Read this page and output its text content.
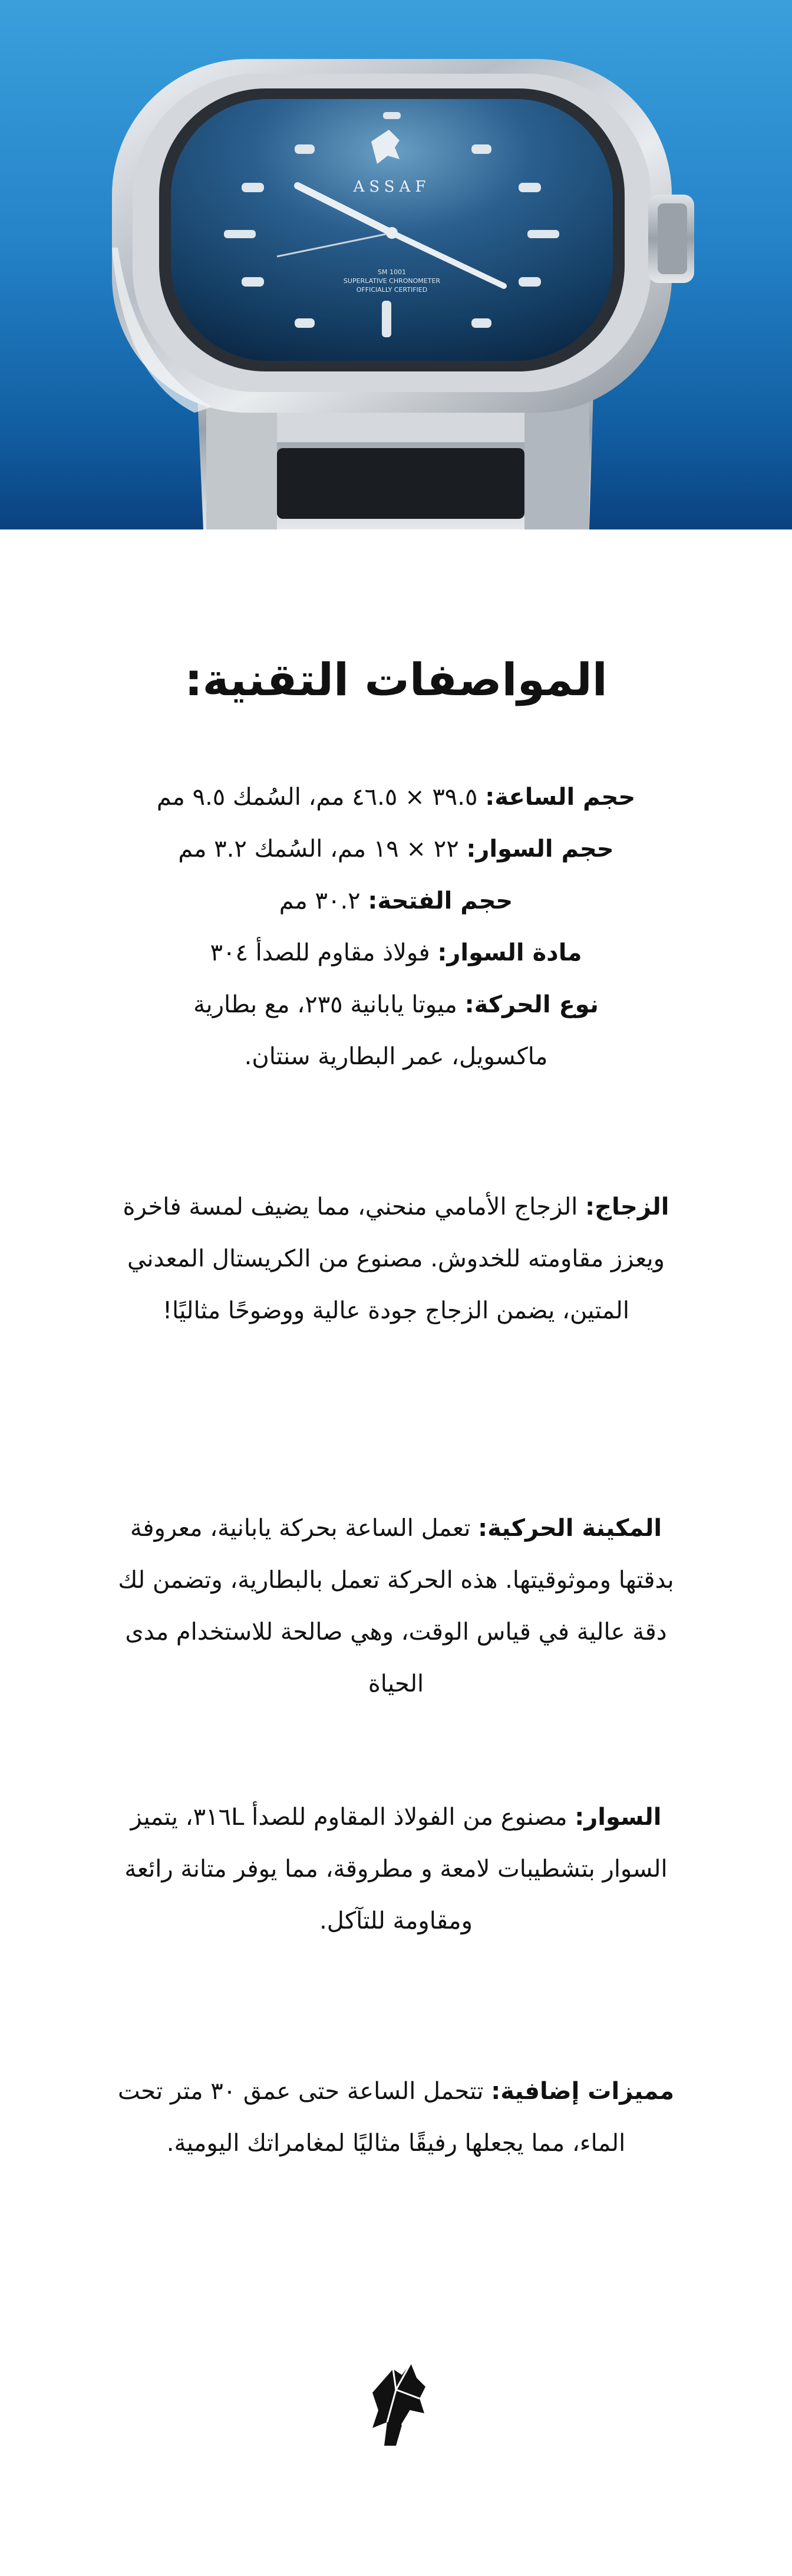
ASSAF
SM 1001
SUPERLATIVE CHRONOMETER
OFFICIALLY CERTIFIED
المواصفات التقنية:

حجم الساعة: ٣٩.٥ × ٤٦.٥ مم، السُمك ٩.٥ مم

حجم السوار: ٢٢ × ١٩ مم، السُمك ٣.٢ مم

حجم الفتحة: ٣٠.٢ مم

مادة السوار: فولاذ مقاوم للصدأ ٣٠٤

نوع الحركة: ميوتا يابانية ٢٣٥، مع بطارية ماكسويل، عمر البطارية سنتان.

الزجاج: الزجاج الأمامي منحني، مما يضيف لمسة فاخرة ويعزز مقاومته للخدوش. مصنوع من الكريستال المعدني المتين، يضمن الزجاج جودة عالية ووضوحًا مثاليًا!

المكينة الحركية: تعمل الساعة بحركة يابانية، معروفة بدقتها وموثوقيتها. هذه الحركة تعمل بالبطارية، وتضمن لك دقة عالية في قياس الوقت، وهي صالحة للاستخدام مدى الحياة

السوار: مصنوع من الفولاذ المقاوم للصدأ ٣١٦L، يتميز السوار بتشطيبات لامعة و مطروقة، مما يوفر متانة رائعة ومقاومة للتآكل.

مميزات إضافية: تتحمل الساعة حتى عمق ٣٠ متر تحت الماء، مما يجعلها رفيقًا مثاليًا لمغامراتك اليومية.
